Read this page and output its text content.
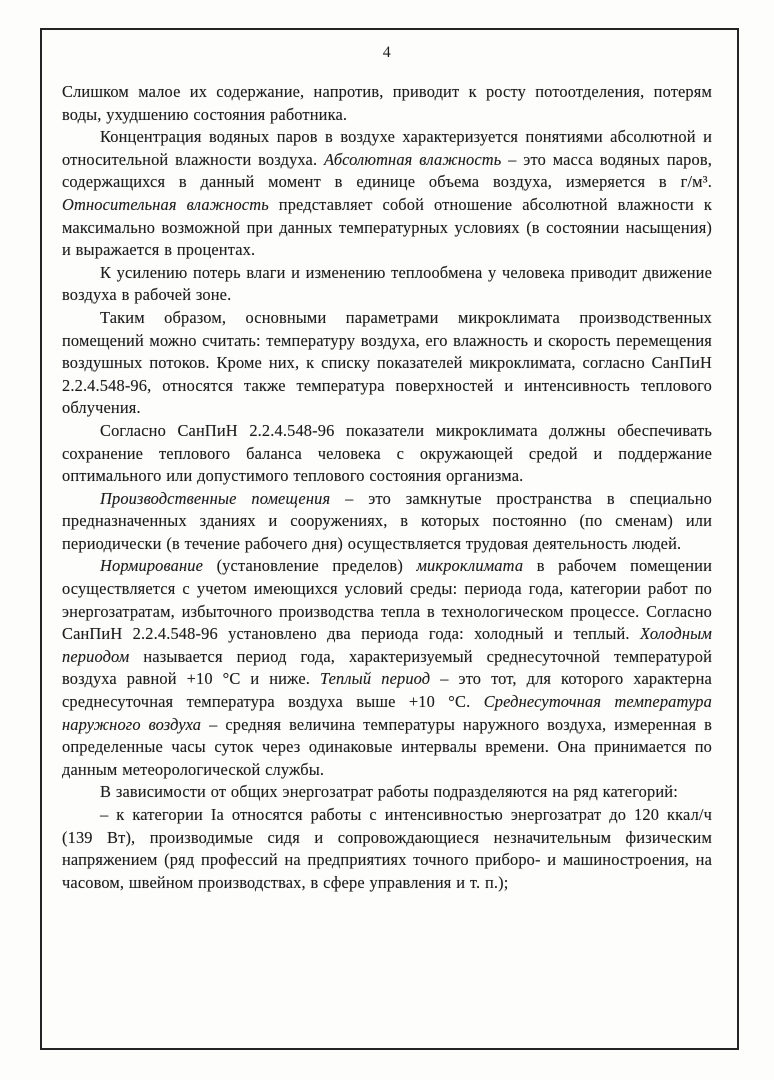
4

Слишком малое их содержание, напротив, приводит к росту потоотделения, потерям воды, ухудшению состояния работника.

Концентрация водяных паров в воздухе характеризуется понятиями абсолютной и относительной влажности воздуха. Абсолютная влажность – это масса водяных паров, содержащихся в данный момент в единице объема воздуха, измеряется в г/м³. Относительная влажность представляет собой отношение абсолютной влажности к максимально возможной при данных температурных условиях (в состоянии насыщения) и выражается в процентах.

К усилению потерь влаги и изменению теплообмена у человека приводит движение воздуха в рабочей зоне.

Таким образом, основными параметрами микроклимата производственных помещений можно считать: температуру воздуха, его влажность и скорость перемещения воздушных потоков. Кроме них, к списку показателей микроклимата, согласно СанПиН 2.2.4.548-96, относятся также температура поверхностей и интенсивность теплового облучения.

Согласно СанПиН 2.2.4.548-96 показатели микроклимата должны обеспечивать сохранение теплового баланса человека с окружающей средой и поддержание оптимального или допустимого теплового состояния организма.

Производственные помещения – это замкнутые пространства в специально предназначенных зданиях и сооружениях, в которых постоянно (по сменам) или периодически (в течение рабочего дня) осуществляется трудовая деятельность людей.

Нормирование (установление пределов) микроклимата в рабочем помещении осуществляется с учетом имеющихся условий среды: периода года, категории работ по энергозатратам, избыточного производства тепла в технологическом процессе. Согласно СанПиН 2.2.4.548-96 установлено два периода года: холодный и теплый. Холодным периодом называется период года, характеризуемый среднесуточной температурой воздуха равной +10 °С и ниже. Теплый период – это тот, для которого характерна среднесуточная температура воздуха выше +10 °С. Среднесуточная температура наружного воздуха – средняя величина температуры наружного воздуха, измеренная в определенные часы суток через одинаковые интервалы времени. Она принимается по данным метеорологической службы.

В зависимости от общих энергозатрат работы подразделяются на ряд категорий:

– к категории Iа относятся работы с интенсивностью энергозатрат до 120 ккал/ч (139 Вт), производимые сидя и сопровождающиеся незначительным физическим напряжением (ряд профессий на предприятиях точного приборо- и машиностроения, на часовом, швейном производствах, в сфере управления и т. п.);
